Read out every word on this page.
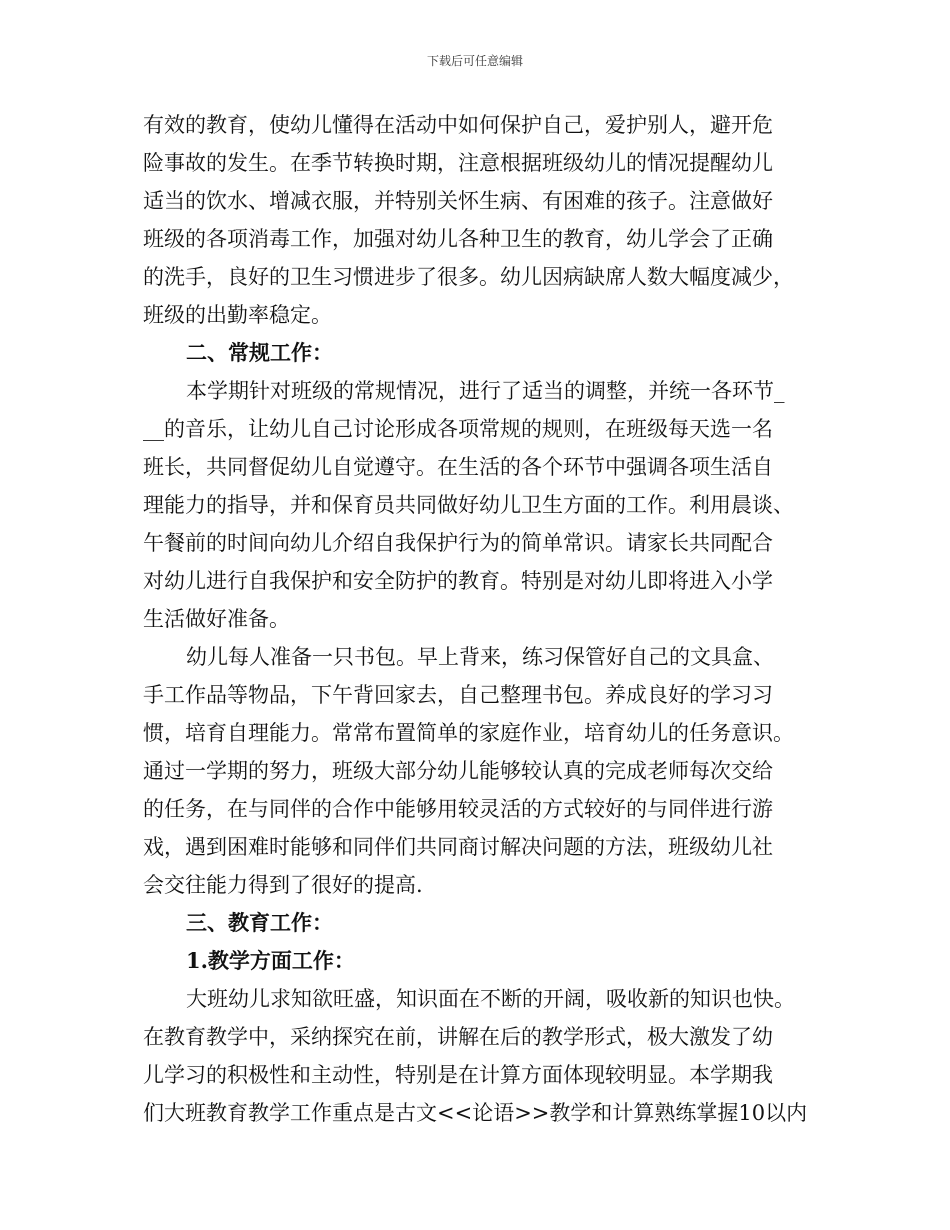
下载后可任意编辑
有效的教育，使幼儿懂得在活动中如何保护自己，爱护别人，避开危
险事故的发生。在季节转换时期，注意根据班级幼儿的情况提醒幼儿
适当的饮水、增减衣服，并特别关怀生病、有困难的孩子。注意做好
班级的各项消毒工作，加强对幼儿各种卫生的教育，幼儿学会了正确
的洗手，良好的卫生习惯进步了很多。幼儿因病缺席人数大幅度减少，
班级的出勤率稳定。
二、常规工作：
本学期针对班级的常规情况，进行了适当的调整，并统一各环节_
__的音乐，让幼儿自己讨论形成各项常规的规则，在班级每天选一名
班长，共同督促幼儿自觉遵守。在生活的各个环节中强调各项生活自
理能力的指导，并和保育员共同做好幼儿卫生方面的工作。利用晨谈、
午餐前的时间向幼儿介绍自我保护行为的简单常识。请家长共同配合
对幼儿进行自我保护和安全防护的教育。特别是对幼儿即将进入小学
生活做好准备。
幼儿每人准备一只书包。早上背来，练习保管好自己的文具盒、
手工作品等物品，下午背回家去，自己整理书包。养成良好的学习习
惯，培育自理能力。常常布置简单的家庭作业，培育幼儿的任务意识。
通过一学期的努力，班级大部分幼儿能够较认真的完成老师每次交给
的任务，在与同伴的合作中能够用较灵活的方式较好的与同伴进行游
戏，遇到困难时能够和同伴们共同商讨解决问题的方法，班级幼儿社
会交往能力得到了很好的提高.
三、教育工作：
1.教学方面工作：
大班幼儿求知欲旺盛，知识面在不断的开阔，吸收新的知识也快。
在教育教学中，采纳探究在前，讲解在后的教学形式，极大激发了幼
儿学习的积极性和主动性，特别是在计算方面体现较明显。本学期我
们大班教育教学工作重点是古文<<论语>>教学和计算熟练掌握10以内
